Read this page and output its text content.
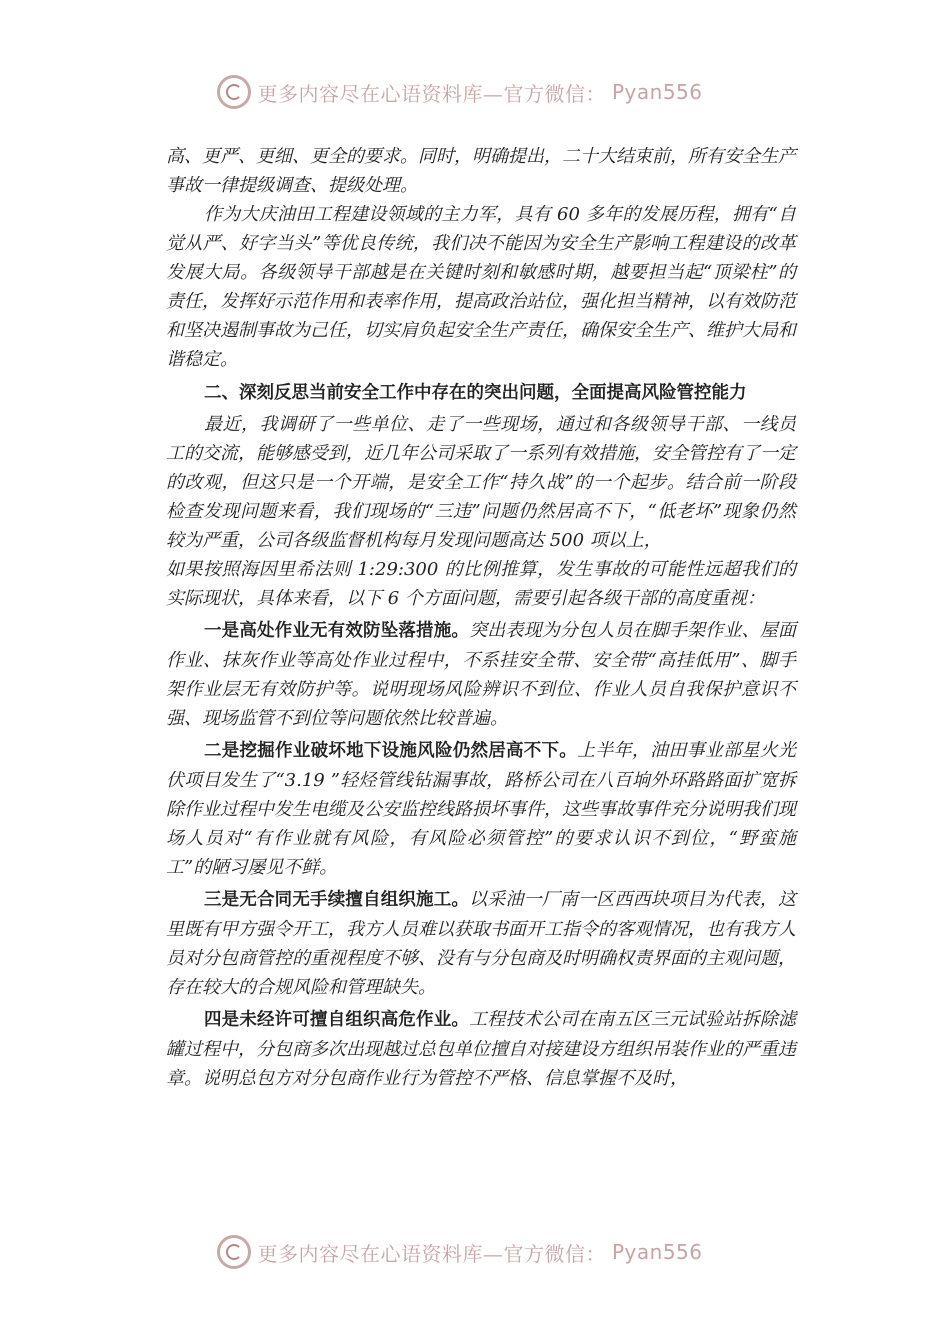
更多内容尽在心语资料库—官方微信： Pyan556

高、更严、更细、更全的要求。同时，明确提出，二十大结束前，所有安全生产事故一律提级调查、提级处理。

作为大庆油田工程建设领域的主力军，具有 60 多年的发展历程，拥有“自觉从严、好字当头”等优良传统，我们决不能因为安全生产影响工程建设的改革发展大局。各级领导干部越是在关键时刻和敏感时期，越要担当起“顶梁柱”的责任，发挥好示范作用和表率作用，提高政治站位，强化担当精神，以有效防范和坚决遏制事故为己任，切实肩负起安全生产责任，确保安全生产、维护大局和谐稳定。

二、深刻反思当前安全工作中存在的突出问题，全面提高风险管控能力

最近，我调研了一些单位、走了一些现场，通过和各级领导干部、一线员工的交流，能够感受到，近几年公司采取了一系列有效措施，安全管控有了一定的改观，但这只是一个开端，是安全工作“持久战”的一个起步。结合前一阶段检查发现问题来看，我们现场的“三违”问题仍然居高不下，“低老坏”现象仍然较为严重，公司各级监督机构每月发现问题高达 500 项以上，

如果按照海因里希法则 1:29:300 的比例推算，发生事故的可能性远超我们的实际现状，具体来看，以下 6 个方面问题，需要引起各级干部的高度重视：

一是高处作业无有效防坠落措施。突出表现为分包人员在脚手架作业、屋面作业、抹灰作业等高处作业过程中，不系挂安全带、安全带“高挂低用”、脚手架作业层无有效防护等。说明现场风险辨识不到位、作业人员自我保护意识不强、现场监管不到位等问题依然比较普遍。

二是挖掘作业破坏地下设施风险仍然居高不下。上半年，油田事业部星火光伏项目发生了“3.19 ”轻烃管线钻漏事故，路桥公司在八百垧外环路路面扩宽拆除作业过程中发生电缆及公安监控线路损坏事件，这些事故事件充分说明我们现场人员对“有作业就有风险，有风险必须管控”的要求认识不到位，“野蛮施工”的陋习屡见不鲜。

三是无合同无手续擅自组织施工。以采油一厂南一区西西块项目为代表，这里既有甲方强令开工，我方人员难以获取书面开工指令的客观情况，也有我方人员对分包商管控的重视程度不够、没有与分包商及时明确权责界面的主观问题，存在较大的合规风险和管理缺失。

四是未经许可擅自组织高危作业。工程技术公司在南五区三元试验站拆除滤罐过程中，分包商多次出现越过总包单位擅自对接建设方组织吊装作业的严重违章。说明总包方对分包商作业行为管控不严格、信息掌握不及时，

更多内容尽在心语资料库—官方微信： Pyan556
